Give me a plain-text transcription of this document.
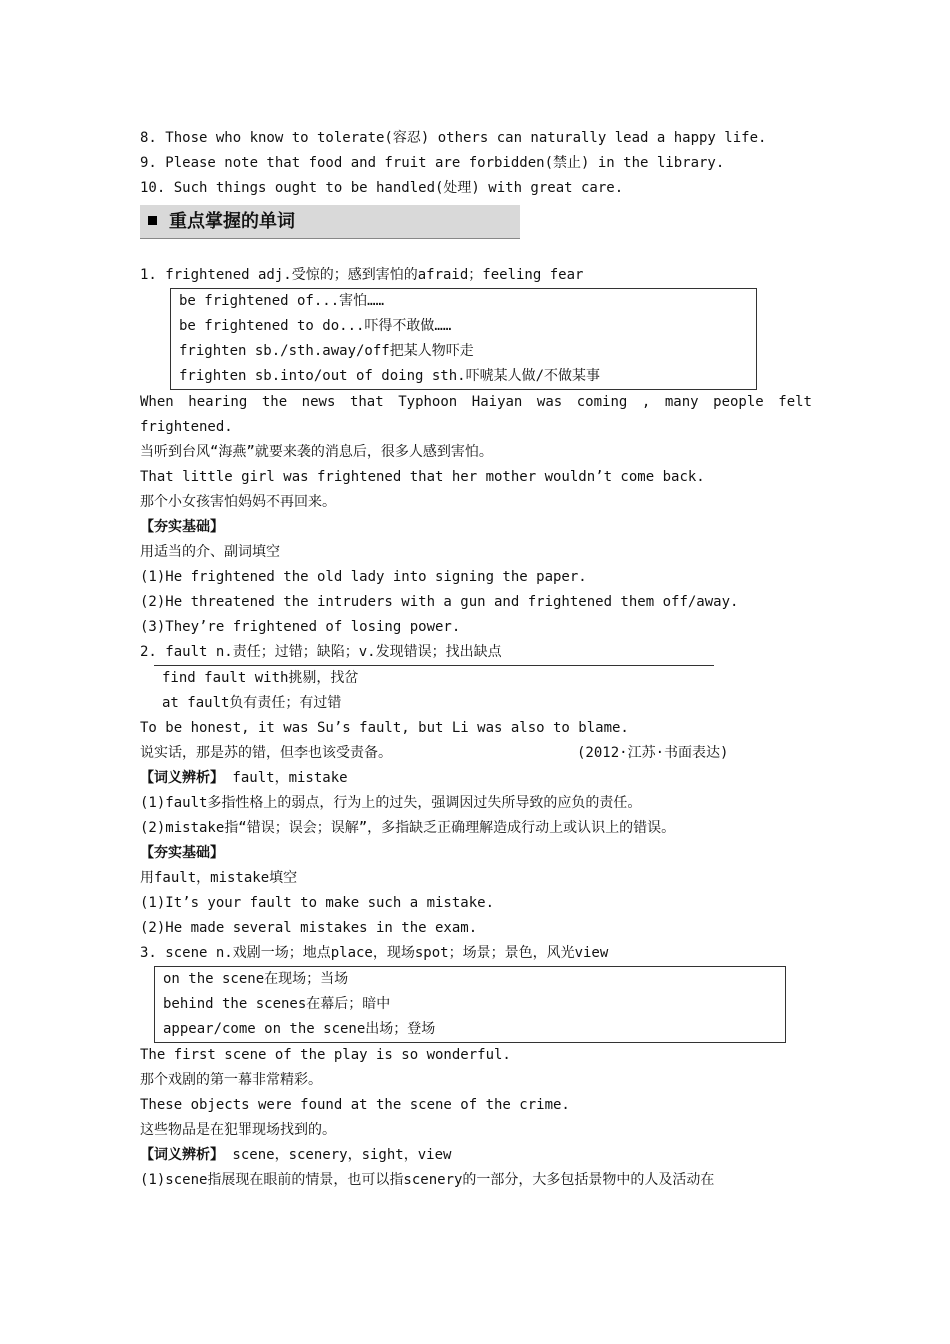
8. Those who know to tolerate(容忍) others can naturally lead a happy life.
9. Please note that food and fruit are forbidden(禁止) in the library.
10. Such things ought to be handled(处理) with great care.
重点掌握的单词
1. frightened adj.受惊的；感到害怕的afraid；feeling fear
be frightened of...害怕……
be frightened to do...吓得不敢做……
frighten sb./sth.away/off把某人物吓走
frighten sb.into/out of doing sth.吓唬某人做/不做某事
When hearing the news that Typhoon Haiyan was coming , many people felt
frightened.
当听到台风“海燕”就要来袭的消息后，很多人感到害怕。
That little girl was frightened that her mother wouldn’t come back.
那个小女孩害怕妈妈不再回来。
【夯实基础】
用适当的介、副词填空
(1)He frightened the old lady into signing the paper.
(2)He threatened the intruders with a gun and frightened them off/away.
(3)They’re frightened of losing power.
2. fault n.责任；过错；缺陷；v.发现错误；找出缺点
find fault with挑剔，找岔
at fault负有责任；有过错
To be honest, it was Su’s fault, but Li was also to blame.
说实话，那是苏的错，但李也该受责备。	(2012·江苏·书面表达)
【词义辨析】 fault，mistake
(1)fault多指性格上的弱点，行为上的过失，强调因过失所导致的应负的责任。
(2)mistake指“错误；误会；误解”，多指缺乏正确理解造成行动上或认识上的错误。
【夯实基础】
用fault，mistake填空
(1)It’s your fault to make such a mistake.
(2)He made several mistakes in the exam.
3. scene n.戏剧一场；地点place，现场spot；场景；景色，风光view
on the scene在现场；当场
behind the scenes在幕后；暗中
appear/come on the scene出场；登场
The first scene of the play is so wonderful.
那个戏剧的第一幕非常精彩。
These objects were found at the scene of the crime.
这些物品是在犯罪现场找到的。
【词义辨析】 scene，scenery，sight，view
(1)scene指展现在眼前的情景，也可以指scenery的一部分，大多包括景物中的人及活动在
